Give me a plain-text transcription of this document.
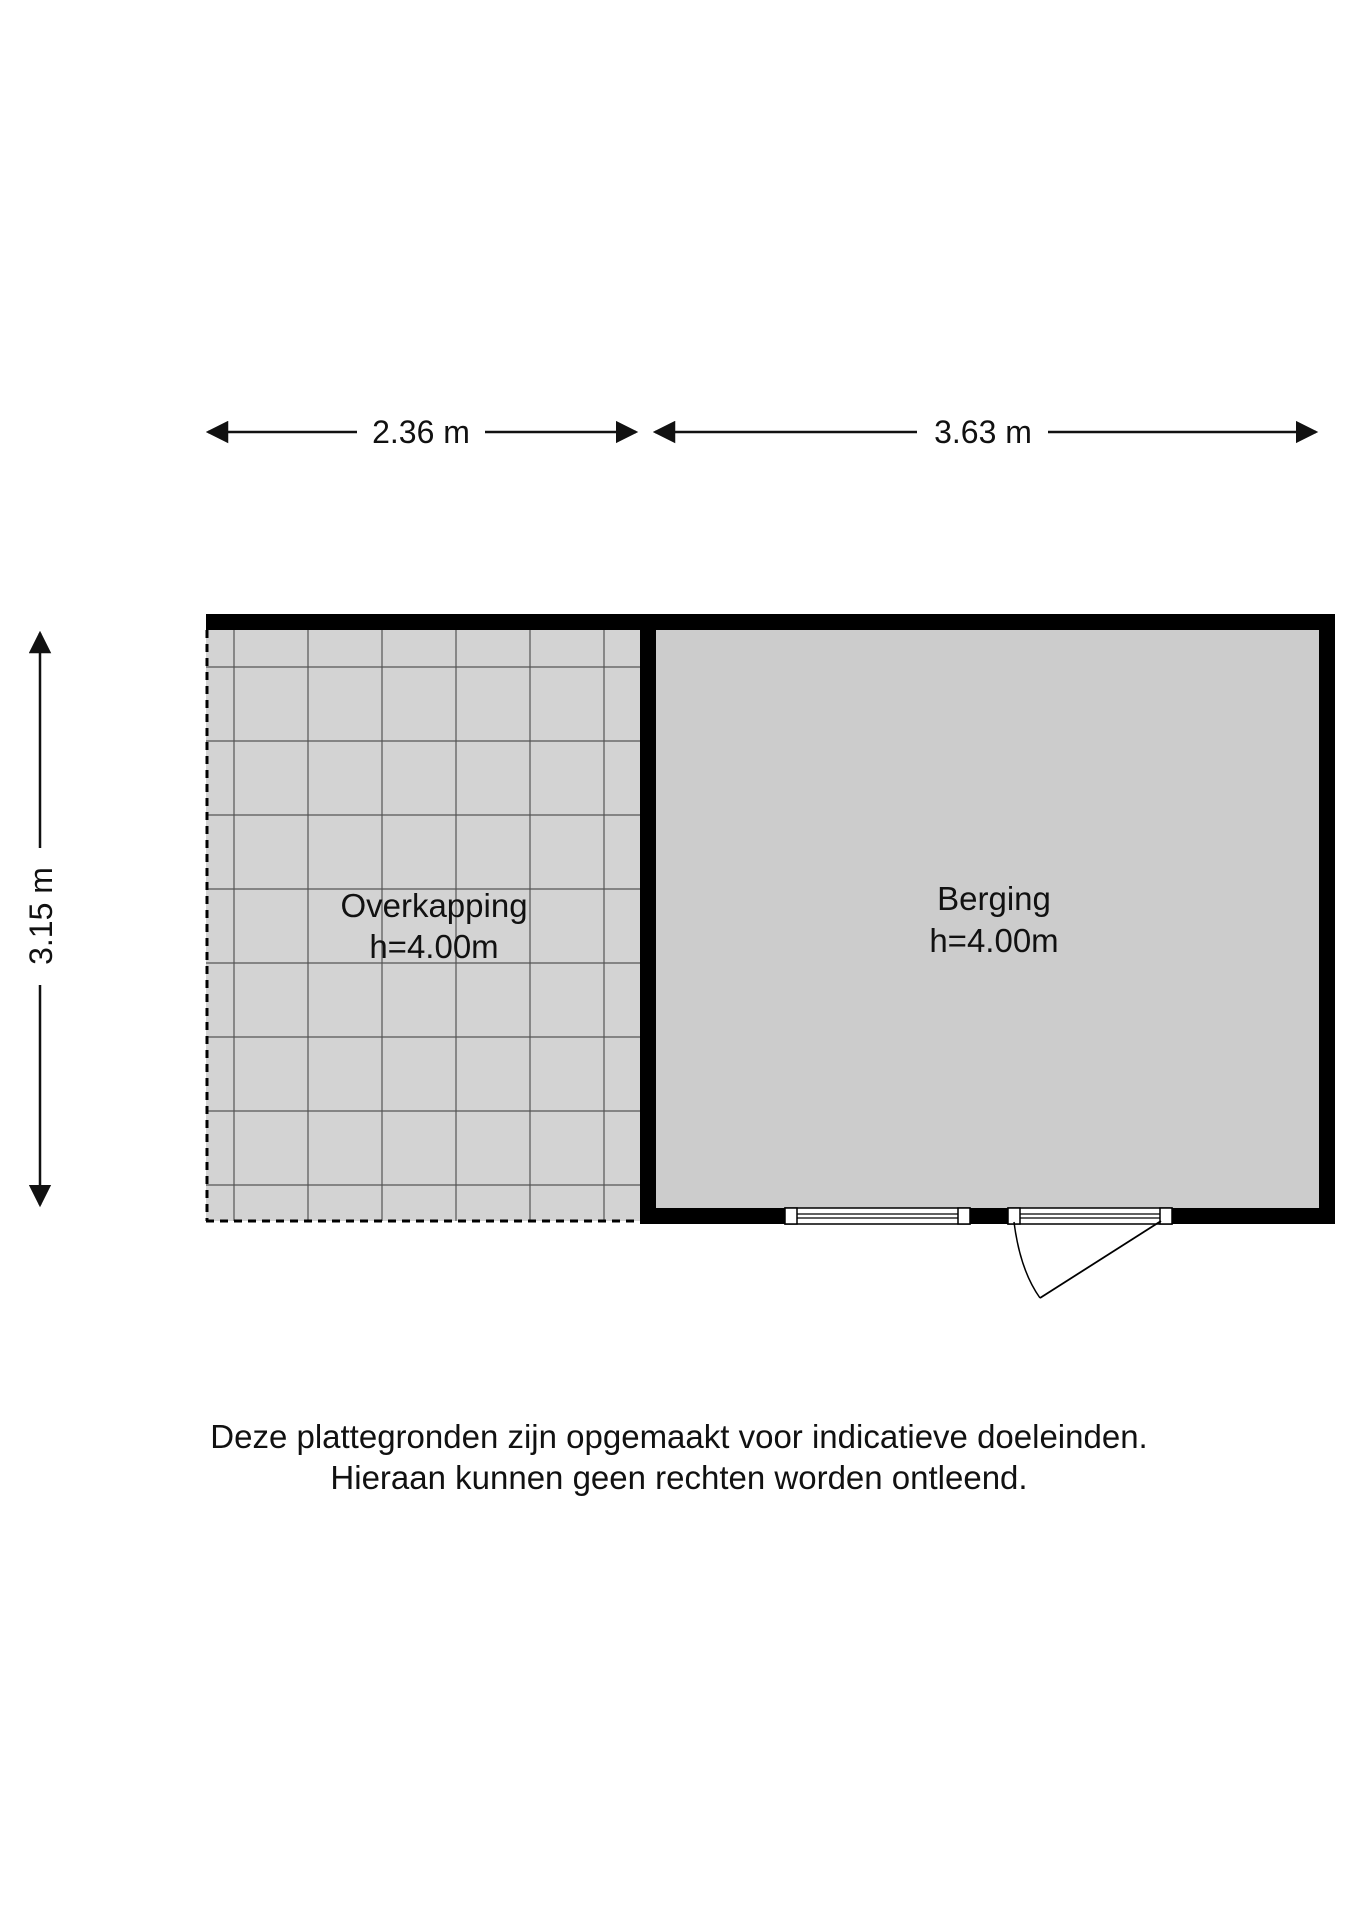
2.36 m	3.63 m
3.15 m	Overkapping
h=4.00m
Berging
h=4.00m
Deze plattegronden zijn opgemaakt voor indicatieve doeleinden.
Hieraan kunnen geen rechten worden ontleend.
